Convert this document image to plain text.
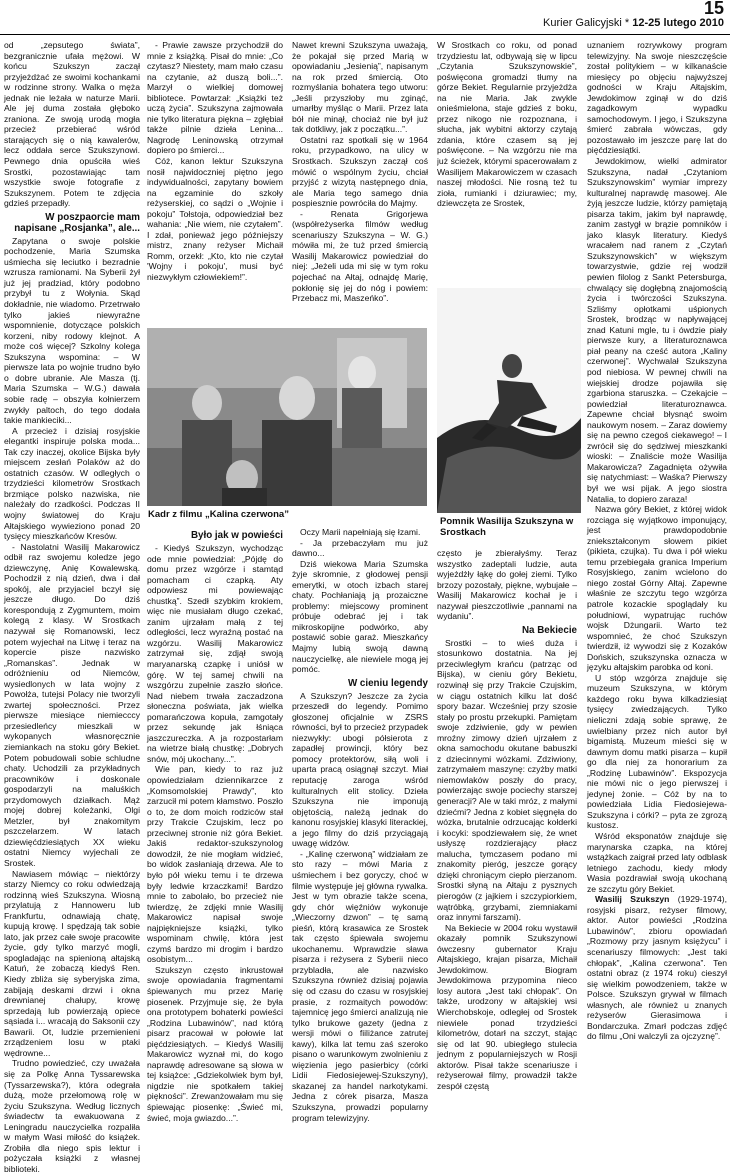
15
Kurier Galicyjski * 12-25 lutego 2010

od „zepsutego świata”, bezgranicznie ufała mężowi. W końcu Szukszyn zaczął przyjeżdżać ze swoimi kochankami w rodzinne strony. Walka o męża jednak nie leżała w naturze Marii. Ale jej duma została głęboko zraniona. Ze swoją urodą mogła przecież przebierać wśród starających się o nią kawalerów, lecz oddała serce Szukszynowi. Pewnego dnia opuściła wieś Srostki, pozostawiając tam wszystkie swoje fotografie z Szukszynem. Potem te zdjęcia gdzieś przepadły.

W poszpaorcie mam napisane „Rosjanka”, ale...

Zapytana o swoje polskie pochodzenie, Maria Szumska uśmiecha się leciutko i bezradnie wzrusza ramionami. Na Syberii żył już jej pradziad, który podobno przybył tu z Wołynia. Skąd dokładnie, nie wiadomo. Przetrwało tylko jakieś niewyraźne wspomnienie, dotyczące polskich korzeni, niby rodowy klejnot. A może coś więcej? Szkolny kolega Szukszyna wspomina: – W pierwsze lata po wojnie trudno było o dobre ubranie. Ale Masza (tj. Maria Szumska – W.G.) dawała sobie radę – obszyła kołnierzem zwykły paltoch, do tego dodała takie mankieciki...

A przecież i dzisiaj rosyjskie elegantki inspiruje polska moda... Tak czy inaczej, okolice Bijska były miejscem zesłań Polaków aż do ostatnich czasów. W odległych o trzydzieści kilometrów Srostkach brzmiące polsko nazwiska, nie należały do rzadkości. Podczas II wojny światowej do Kraju Ałtajskiego wywieziono ponad 20 tysięcy mieszkańców Kresów.

- Nastolatni Wasilij Makarowicz odbił raz swojemu koledze jego dziewczynę, Anię Kowalewską. Pochodził z nią dzień, dwa i dał spokój, ale przyjaciel bczył się jeszcze długo. Do dziś korespondują z Zygmuntem, moim kolegą z klasy. W Srostkach nazywał się Romanowski, lecz potem wyjechał na Litwę i teraz na kopercie pisze nazwisko „Romanskas”. Jednak w odróżnieniu od Niemców, wysiedlonych w lata wojny z Powołża, tutejsi Polacy nie tworzyli zwartej społeczności. Przez pierwsze miesiące niemiecccy przesiedleńcy mieszkali w wykopanych własnoręcznie ziemiankach na stoku góry Bekiet. Potem pobudowali sobie schludne chaty. Uchodzili za przykładnych pracowników i doskonale gospodarzyli na maluśkich przydomowych działkach. Mąż mojej dobrej koleżanki, Olgi Metzler, był znakomitym pszczelarzem. W latach dziewięćdziesiątych XX wieku ostatni Niemcy wyjechali ze Srostek.

Nawiasem mówiąc – niektórzy starzy Niemcy co roku odwiedzają rodzinną wieś Szukszyna. Wiosną przylatują z Hannoweru lub Frankfurtu, odnawiają chatę, kupują krowę. I spędzają tak sobie lato, jak przez całe swoje pracowite życie, gdy tylko marzyć mogli, spogladając na spienioną ałtajską Katuń, że zobaczą kiedyś Ren. Kiedy zbliża się syberyjska zima, zabijają deskami drzwi i okna drewnianej chałupy, krowę sprzedają lub powierzają opiece sąsiada i... wracają do Saksonii czy Bawarii. Ot, ludzie przemienieni zrządzeniem losu w ptaki wędrowne...

Trudno powiedzieć, czy uważała się za Polkę Anna Tyssarewska (Tyssarzewska?), która odegrała dużą, może przełomową rolę w życiu Szukszyna. Według licznych świadectw ta ewakuowana z Leningradu nauczycielka rozpaliła w małym Wasi miłość do książek. Zrobiła dla niego spis lektur i pożyczała książki z własnej biblioteki.

- Prawie zawsze przychodził do mnie z książką. Pisał do mnie: „Co czytasz? Niestety, mam mało czasu na czytanie, aż duszą boli...”. Marzył o wielkiej domowej bibliotece. Powtarzał: „Książki też uczą życia”. Szukszyna zajmowała nie tylko literatura piękna – zgłębiał także pilnie dzieła Lenina... Nagrodę Leninowską otrzymał dopiero po śmierci...

Cóż, kanon lektur Szukszyna nosił najwidoczniej piętno jego indywidualności, zapytany bowiem na egzaminie do szkoły reżyserskiej, co sądzi o „Wojnie i pokoju” Tołstoja, odpowiedział bez wahania: „Nie wiem, nie czytałem”. I zdał, ponieważ jego późniejszy mistrz, znany reżyser Michaił Romm, orzekł: „Kto, kto nie czytał 'Wojny i pokoju', musi być niezwykłym człowiekiem!”.

Nawet krewni Szukszyna uważają, że pokajał się przed Marią w opowiadaniu „Jesienią”, napisanym na rok przed śmiercią. Oto rozmyślania bohatera tego utworu: „Jeśli przyszłoby mu zginąć, umarłby myśląc o Marii. Przez lata bół nie minął, chociaż nie był już tak dotkliwy, jak z początku...”.

Ostatni raz spotkali się w 1964 roku, przypadkowo, na ulicy w Srostkach. Szukszyn zaczął coś mówić o wspólnym życiu, chciał przyjść z wizytą następnego dnia, ale Maria tego samego dnia pospiesznie powróciła do Majmy.

- Renata Grigorjewa (współreżyserka filmów według scenariuszy Szukszyna – W. G.) mówiła mi, że tuż przed śmiercią Wasilij Makarowicz powiedział do niej: „Jeżeli uda mi się w tym roku pojechać na Ałtaj, odnajdę Marię, pokłonię się jej do nóg i powiem: Przebacz mi, Maszeńko”.

Kadr z filmu „Kalina czerwona”
Było jak w powieści

- Kiedyś Szukszyn, wychodząc ode mnie powiedział: „Pójdę do domu przez wzgórze i stamtąd pomacham ci czapką. Aty odpowiesz mi powiewając chustką”. Szedł szybkim krokiem, więc nie musiałam długo czekać, zanim ujrzałam małą z tej odległości, lecz wyraźną postać na wzgórzu. Wasilij Makarowicz zatrzymał się, zdjął swoją maryanarską czapkę i uniósł w górę. W tej samej chwili na wszgórzu zupełnie zaszło słońce. Nad niebem trwała zaczadzona słoneczna poświata, jak wielka pomarańczowa kopuła, zamgotały przez sekundę jak łśniąca jaszczureczka. A ja rozpostarłam na wietrze białą chustkę: „Dobrych snów, mój ukochany...”.

Wie pan, kiedy to raz już opowiedziałam dziennikarzce z „Komsomolskiej Prawdy”, kto zarzucił mi potem kłamstwo. Poszło o to, że dom moich rodziców stał przy Trakcie Czujskim, lecz po przeciwnej stronie niż góra Bekiet. Jakiś redaktor-szukszynolog dowodził, że nie mogłam widzieć, bo widok zasłaniają drzewa. Ale to było pół wieku temu i te drzewa były ledwie krzaczkami! Bardzo mnie to zabolało, bo przecież nie twierdzę, że zdjęki mnie Wasilij Makarowicz napisał swoje najpiękniejsze książki, tylko wspominam chwilę, która jest czymś bardzo mi drogim i bardzo osobistym...

Szukszyn często inkrustował swoje opowiadania fragmentami śpiewanych mu przez Marię piosenek. Przyjmuje się, że była ona prototypem bohaterki powieści „Rodzina Lubawinów”, nad którą pisarz pracował w połowie lat pięćdziesiątych. – Kiedyś Wasilij Makarowicz wyznał mi, do kogo naprawdę adresowane są słowa w tej książce: „Gdziekolwiek bym był, nigdzie nie spotkałem takiej piękności”. Zrewanżowałam mu się śpiewając piosenkę: „Świeć mi, świeć, moja gwiazdo...”.

Oczy Marii napełniają się łzami.

- Ja przebaczyłam mu już dawno...

Dziś wiekowa Maria Szumska żyje skromnie, z głodowej pensji emerytki, w otoch izbach starej chaty. Pochłaniają ją prozaiczne problemy: miejscowy prominent próbuje odebrać jej i tak mikroskopijne podwórko, aby postawić sobie garaż. Mieszkańcy Majmy lubią swoją dawną nauczycielkę, ale niewiele mogą jej pomóc.

W cieniu legendy

A Szukszyn? Jeszcze za życia przeszedł do legendy. Pomimo głoszonej oficjalnie w ZSRS równości, był to przecież przypadek niezwykły: ubogi półsierota z zapadłej prowincji, który bez pomocy protektorów, siłą woli i uparta pracą osiągnął szczyt. Miał reputację zaroga wśród kulturalnych elit stolicy. Dzieła Szukszyna nie imponują objętością, należą jednak do kanonu rosyjskiej klasyki literackiej, a jego filmy do dziś przyciągają uwagę widzów.

- „Kalinę czerwoną” widziałam ze sto razy – mówi Maria z uśmiechem i bez goryczy, choć w filmie występuje jej główna rywalka. Jest w tym obrazie także scena, gdy chór więźniów wykonuje „Wieczorny dzwon” – tę samą pieśń, którą krasawica ze Srostek tak często śpiewała swojemu ukochanemu. Wprawdzie sława pisarza i reżysera z Syberii nieco przybladła, ale nazwisko Szukszyna również dzisiaj pojawia się od czasu do czasu w rosyjskiej prasie, z rozmaitych powodów: tajemnicę jego śmierci analizują nie tylko brukowe gazety (jedna z wersji mówi o fiiliżance zatrutej kawy), kilka lat temu zaś szeroko pisano o warunkowym zwolnieniu z więzienia jego pasierbicy (córki Lidii Fiedosiejewej-Szukszyny), skazanej za handel narkotykami. Jedna z córek pisarza, Masza Szukszyna, prowadzi popularny program telewizyjny.

W Srostkach co roku, od ponad trzydziestu lat, odbywają się w lipcu „Czytania Szukszynowskie”, poświęcona gromadzi tłumy na górze Bekiet. Regularnie przyjeżdża na nie Maria. Jak zwykle onieśmielona, staje gdzieś z boku, przez nikogo nie rozpoznana, i słucha, jak wybitni aktorzy czytają zdania, które czasem są jej poświęcone. – Na wzgórzu nie ma już ścieżek, którymi spacerowałam z Wasilijem Makarowiczem w czasach naszej młodości. Nie rosną też tu zioła, rumianki i dziurawiec; my, dziewczęta ze Srostek,

Pomnik Wasilija Szukszyna w Srostkach

często je zbierałyśmy. Teraz wszystko zadeptali ludzie, auta wyjeżdżły łąkę do gołej ziemi. Tylko brzozy pozostały, piękne, wybujałe – Wasilij Makarowicz kochał je i nazywał pieszczotliwie „pannami na wydaniu”.

Na Bekiecie

Srostki – to wieś duża i stosunkowo dostatnia. Na jej przeciwległym krańcu (patrząc od Bijska), w cieniu góry Bekietu, rozwinął się przy Trakcie Czujskim, w ciągu ostatnich kilku lat dość spory bazar. Wcześniej przy szosie stały po prostu przekupki. Pamiętam swoje zdziwienie, gdy w pewien mroźny zimowy dzień ujrzałem z okna samochodu okutane babuszki z dziecinnymi wózkami. Zdziwiony, zatrzymałem maszynę: czyżby matki niemowlaków poszły do pracy, powierzając swoje pociechy starszej generacji? Ale w taki mróz, z małymi dziećmi? Jedna z kobiet sięgnęła do wózka, brutalnie odrzucając kołderki i kocyki: spodziewałem się, że wnet usłyszę rozdzierający płacz malucha, tymczasem podano mi znakomity pieróg, jeszcze gorący dzięki chroniącym ciepło pierzanom. Srostki słyną na Ałtaju z pysznych pierogów (z jajkiem i szczypiorkiem, wątróbką, grzybami, ziemniakami oraz innymi farszami).

Na Bekiecie w 2004 roku wystawił okazały pomnik Szukszynowi ówczesny gubernator Kraju Ałtajskiego, krajan pisarza, Michaił Jewdokimow. Biogram Jewdokimowa przypomina nieco losy autora „Jest taki chłopak”. On także, urodzony w ałtajskiej wsi Wierchobskoje, odległej od Srostek niewiele ponad trzydzieści kilometrów, dotarł na szczyt, stając się od lat 90. ubiegłego stulecia jednym z popularniejszych w Rosji aktorów. Pisał także scenariusze i reżyserował filmy, prowadził także zespół częstą

uznaniem rozrywkowy program telewizyjny. Na swoje nieszczęście został politykiem – w kilkanaście miesięcy po objęciu najwyższej godności w Kraju Ałtajskim, Jewdokimow zginął w do dziś zagadkowym wypadku samochodowym. I jego, i Szukszyna śmierć zabrała wówczas, gdy pozostawało im jeszcze parę lat do pięćdziesiątki.

Jewdokimow, wielki admirator Szukszyna, nadał „Czytaniom Szukszynowskim” wymiar imprezy kulturalnej naprawdę masowej. Ale żyją jeszcze ludzie, którzy pamiętają pisarza takim, jakim był naprawdę, zanim zastygł w brązie pomników i jako klasyk literatury. Kiedyś wracałem nad ranem z „Czytań Szukszynowskich” w większym towarzystwie, gdzie rej wodził pewien filolog z Sankt Petersburga, chwalący się dogłębną znajomością życia i twórczości Szukszyna. Szliśmy opłotkami uśpionych Srostek, brodząc w napływającej znad Katuni mgle, tu i ówdzie piały pierwsze kury, a literaturoznawca piał peany na cześć autora „Kaliny czerwonej”. Wychwalał Szukszyna pod niebiosa. W pewnej chwili na wiejskiej drodze pojawiła się zgarbiona staruszka. – Czekajcie – powiedział literaturoznawca. Zapewne chciał błysnąć swoim naukowym nosem. – Zaraz dowiemy się na pewno czegoś ciekawego! – I zwrócił się do sędziwej mieszkanki wioski: – Znaliście może Wasilija Makarowicza? Zagadnięta ożywiła się natychmiast: – Waśka? Pierwszy był we wsi pijak. A jego siostra Natalia, to dopiero zaraza!

Nazwa góry Bekiet, z której widok rozciąga się wyjątkowo imponujący, jest prawdopodobnie zniekształconym słowem pikiet (pikieta, czujka). Tu dwa i pół wieku temu przebiegała granica Imperium Rosyjskiego, zanim wcielono do niego został Górny Ałtaj. Zapewne właśnie ze szczytu tego wzgórza patrole kozackie spoglądały ku południowi, wypatrując ruchów wojsk Dżungarii. Warto też wspomnieć, że choć Szukszyn twierdził, iż wywodzi się z Kozaków Dońskich, szukszynska oznacza w języku ałtajskim parobka od koni.

U stóp wzgórza znajduje się muzeum Szukszyna, w którym każdego roku bywa kilkadziesiąt tysięcy zwiedzających. Tylko nieliczni zdają sobie sprawę, że uwielbiany przez nich autor był bigamistą. Muzeum mieści się w dawnym domu matki pisarza – kupił go dla niej za honorarium za „Rodzinę Lubawinów”. Ekspozycja nie mówi nic o jego pierwszej i jedynej żonie. – Cóż by na to powiedziała Lidia Fiedosiejewa-Szukszyna i córki? – pyta ze zgrozą kustosz.

Wśród eksponatów znajduje się marynarska czapka, na której wstążkach zaigrał przed laty odblask letniego zachodu, kiedy młody Wasia pozdrawiał swoją ukochaną ze szczytu góry Bekiet.

Wasilij Szukszyn (1929-1974), rosyjski pisarz, reżyser filmowy, aktor. Autor powieści „Rodzina Lubawinów”, zbioru opowiadań „Rozmowy przy jasnym księżycu” i scenariuszy filmowych: „Jest taki chłopak”, „Kalina czerwona”. Ten ostatni obraz (z 1974 roku) cieszył się wielkim powodzeniem, także w Polsce. Szukszyn grywał w filmach własnych, ale również u znanych reżyserów Gierasimowa i Bondarczuka. Zmarł podczas zdjęć do filmu „Oni walczyli za ojczyznę”.
